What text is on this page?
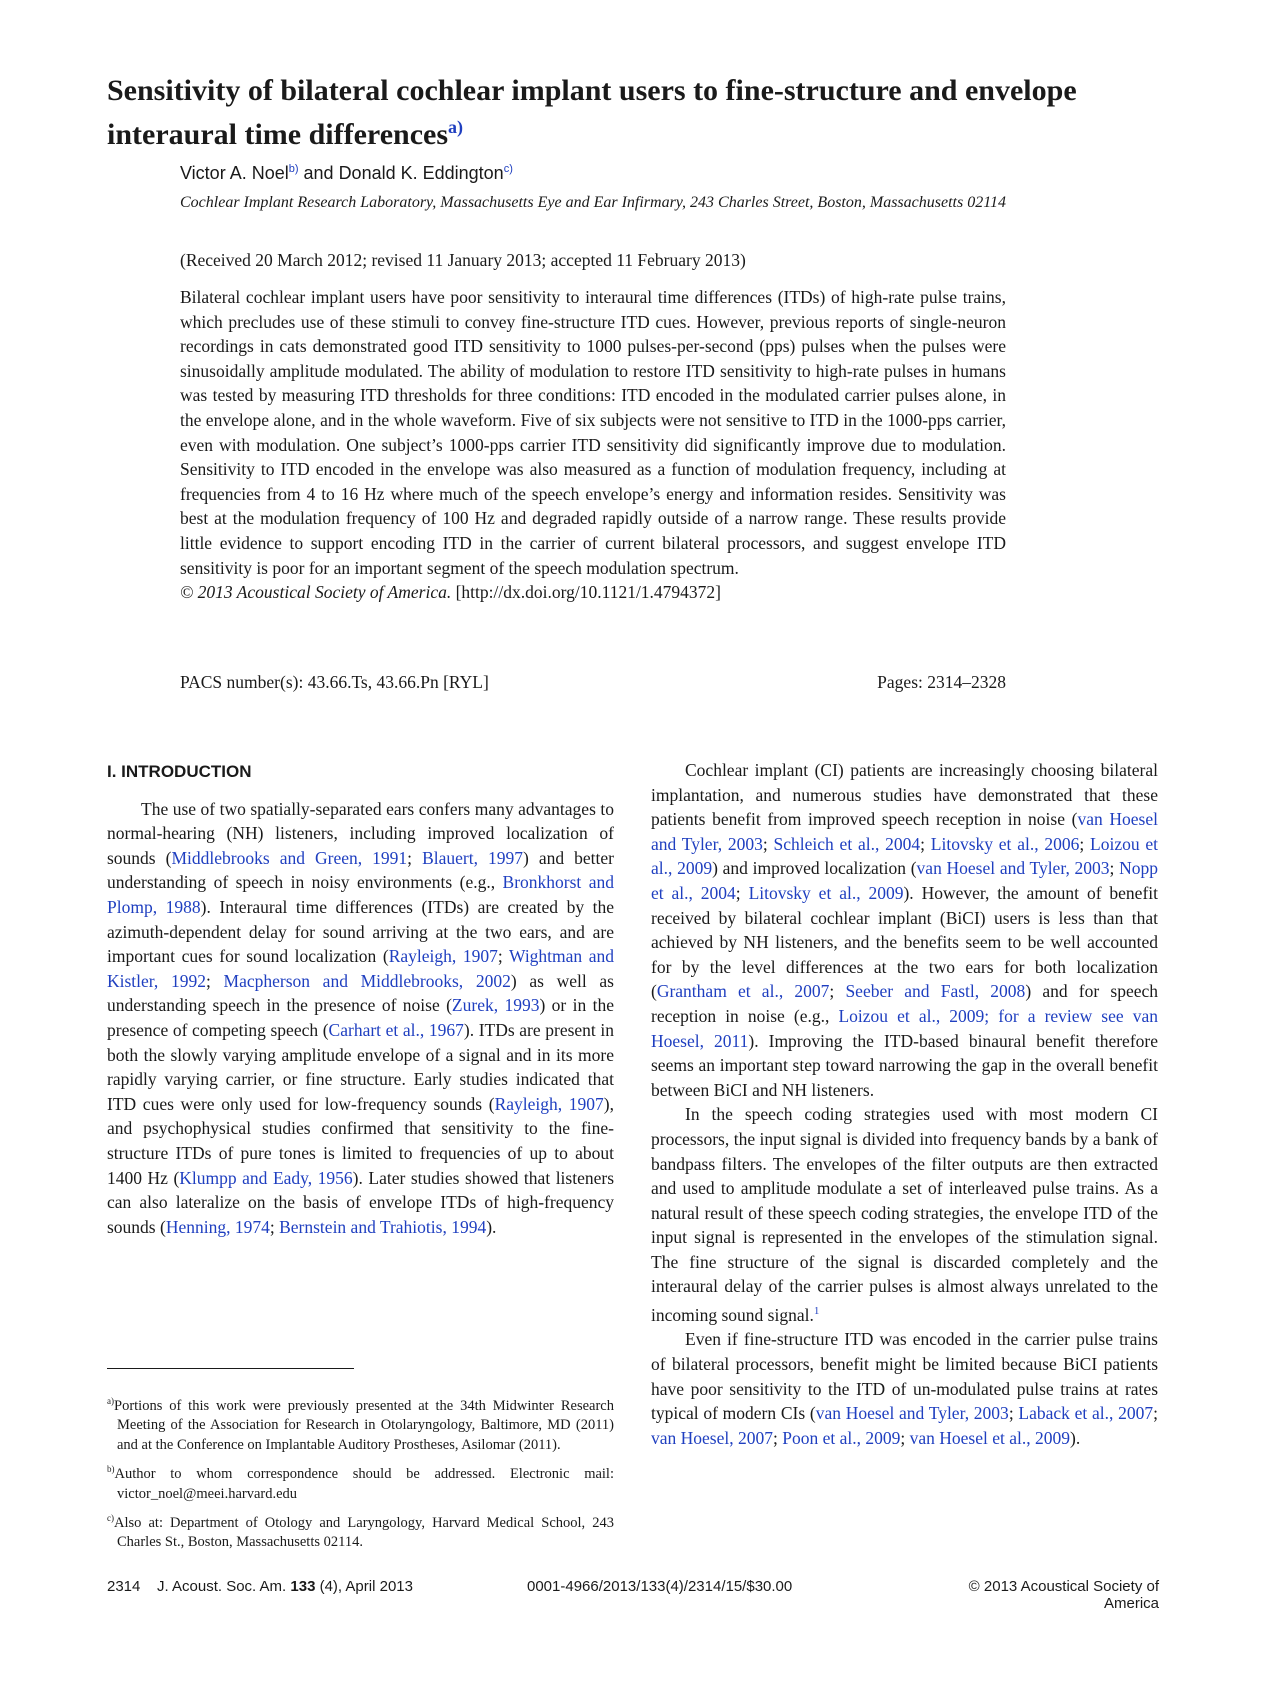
Sensitivity of bilateral cochlear implant users to fine-structure and envelope interaural time differences$^{a)}$
Victor A. Noel$^{b)}$ and Donald K. Eddington$^{c)}$
Cochlear Implant Research Laboratory, Massachusetts Eye and Ear Infirmary, 243 Charles Street, Boston, Massachusetts 02114
(Received 20 March 2012; revised 11 January 2013; accepted 11 February 2013)
Bilateral cochlear implant users have poor sensitivity to interaural time differences (ITDs) of high-rate pulse trains, which precludes use of these stimuli to convey fine-structure ITD cues. However, previous reports of single-neuron recordings in cats demonstrated good ITD sensitivity to 1000 pulses-per-second (pps) pulses when the pulses were sinusoidally amplitude modulated. The ability of modulation to restore ITD sensitivity to high-rate pulses in humans was tested by measuring ITD thresholds for three conditions: ITD encoded in the modulated carrier pulses alone, in the envelope alone, and in the whole waveform. Five of six subjects were not sensitive to ITD in the 1000-pps carrier, even with modulation. One subject’s 1000-pps carrier ITD sensitivity did significantly improve due to modulation. Sensitivity to ITD encoded in the envelope was also measured as a function of modulation frequency, including at frequencies from 4 to 16 Hz where much of the speech envelope’s energy and information resides. Sensitivity was best at the modulation frequency of 100 Hz and degraded rapidly outside of a narrow range. These results provide little evidence to support encoding ITD in the carrier of current bilateral processors, and suggest envelope ITD sensitivity is poor for an important segment of the speech modulation spectrum.
© 2013 Acoustical Society of America. [http://dx.doi.org/10.1121/1.4794372]
PACS number(s): 43.66.Ts, 43.66.Pn [RYL]	Pages: 2314–2328
I. INTRODUCTION

The use of two spatially-separated ears confers many advantages to normal-hearing (NH) listeners, including improved localization of sounds (Middlebrooks and Green, 1991; Blauert, 1997) and better understanding of speech in noisy environments (e.g., Bronkhorst and Plomp, 1988). Interaural time differences (ITDs) are created by the azimuth-dependent delay for sound arriving at the two ears, and are important cues for sound localization (Rayleigh, 1907; Wightman and Kistler, 1992; Macpherson and Middlebrooks, 2002) as well as understanding speech in the presence of noise (Zurek, 1993) or in the presence of competing speech (Carhart et al., 1967). ITDs are present in both the slowly varying amplitude envelope of a signal and in its more rapidly varying carrier, or fine structure. Early studies indicated that ITD cues were only used for low-frequency sounds (Rayleigh, 1907), and psychophysical studies confirmed that sensitivity to the fine-structure ITDs of pure tones is limited to frequencies of up to about 1400 Hz (Klumpp and Eady, 1956). Later studies showed that listeners can also lateralize on the basis of envelope ITDs of high-frequency sounds (Henning, 1974; Bernstein and Trahiotis, 1994).

$^{a)}$Portions of this work were previously presented at the 34th Midwinter Research Meeting of the Association for Research in Otolaryngology, Baltimore, MD (2011) and at the Conference on Implantable Auditory Prostheses, Asilomar (2011).

$^{b)}$Author to whom correspondence should be addressed. Electronic mail: victor_noel@meei.harvard.edu

$^{c)}$Also at: Department of Otology and Laryngology, Harvard Medical School, 243 Charles St., Boston, Massachusetts 02114.

Cochlear implant (CI) patients are increasingly choosing bilateral implantation, and numerous studies have demonstrated that these patients benefit from improved speech reception in noise (van Hoesel and Tyler, 2003; Schleich et al., 2004; Litovsky et al., 2006; Loizou et al., 2009) and improved localization (van Hoesel and Tyler, 2003; Nopp et al., 2004; Litovsky et al., 2009). However, the amount of benefit received by bilateral cochlear implant (BiCI) users is less than that achieved by NH listeners, and the benefits seem to be well accounted for by the level differences at the two ears for both localization (Grantham et al., 2007; Seeber and Fastl, 2008) and for speech reception in noise (e.g., Loizou et al., 2009; for a review see van Hoesel, 2011). Improving the ITD-based binaural benefit therefore seems an important step toward narrowing the gap in the overall benefit between BiCI and NH listeners.

In the speech coding strategies used with most modern CI processors, the input signal is divided into frequency bands by a bank of bandpass filters. The envelopes of the filter outputs are then extracted and used to amplitude modulate a set of interleaved pulse trains. As a natural result of these speech coding strategies, the envelope ITD of the input signal is represented in the envelopes of the stimulation signal. The fine structure of the signal is discarded completely and the interaural delay of the carrier pulses is almost always unrelated to the incoming sound signal.$^1$

Even if fine-structure ITD was encoded in the carrier pulse trains of bilateral processors, benefit might be limited because BiCI patients have poor sensitivity to the ITD of un-modulated pulse trains at rates typical of modern CIs (van Hoesel and Tyler, 2003; Laback et al., 2007; van Hoesel, 2007; Poon et al., 2009; van Hoesel et al., 2009).

2314	J. Acoust. Soc. Am. 133 (4), April 2013	0001-4966/2013/133(4)/2314/15/$30.00	© 2013 Acoustical Society of America
